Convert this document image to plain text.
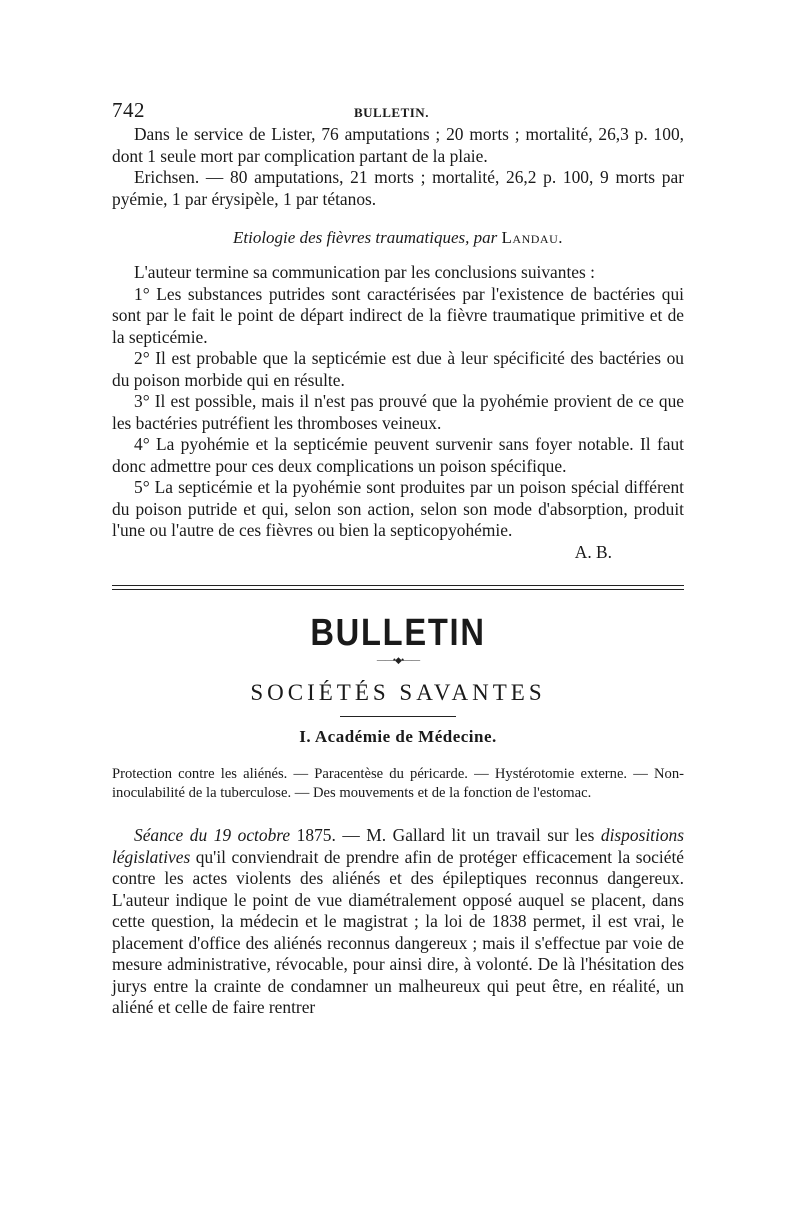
742	BULLETIN.

Dans le service de Lister, 76 amputations ; 20 morts ; mortalité, 26,3 p. 100, dont 1 seule mort par complication partant de la plaie.

Erichsen. — 80 amputations, 21 morts ; mortalité, 26,2 p. 100, 9 morts par pyémie, 1 par érysipèle, 1 par tétanos.

Etiologie des fièvres traumatiques, par Landau.

L'auteur termine sa communication par les conclusions suivantes :

1° Les substances putrides sont caractérisées par l'existence de bactéries qui sont par le fait le point de départ indirect de la fièvre traumatique primitive et de la septicémie.

2° Il est probable que la septicémie est due à leur spécificité des bactéries ou du poison morbide qui en résulte.

3° Il est possible, mais il n'est pas prouvé que la pyohémie provient de ce que les bactéries putréfient les thromboses veineux.

4° La pyohémie et la septicémie peuvent survenir sans foyer notable. Il faut donc admettre pour ces deux complications un poison spécifique.

5° La septicémie et la pyohémie sont produites par un poison spécial différent du poison putride et qui, selon son action, selon son mode d'absorption, produit l'une ou l'autre de ces fièvres ou bien la septicopyohémie.

A. B.
BULLETIN
——•◆•——
SOCIÉTÉS SAVANTES
I. Académie de Médecine.

Protection contre les aliénés. — Paracentèse du péricarde. — Hystérotomie externe. — Non-inoculabilité de la tuberculose. — Des mouvements et de la fonction de l'estomac.

Séance du 19 octobre 1875. — M. Gallard lit un travail sur les dispositions législatives qu'il conviendrait de prendre afin de protéger efficacement la société contre les actes violents des aliénés et des épileptiques reconnus dangereux. L'auteur indique le point de vue diamétralement opposé auquel se placent, dans cette question, la médecin et le magistrat ; la loi de 1838 permet, il est vrai, le placement d'office des aliénés reconnus dangereux ; mais il s'effectue par voie de mesure administrative, révocable, pour ainsi dire, à volonté. De là l'hésitation des jurys entre la crainte de condamner un malheureux qui peut être, en réalité, un aliéné et celle de faire rentrer
